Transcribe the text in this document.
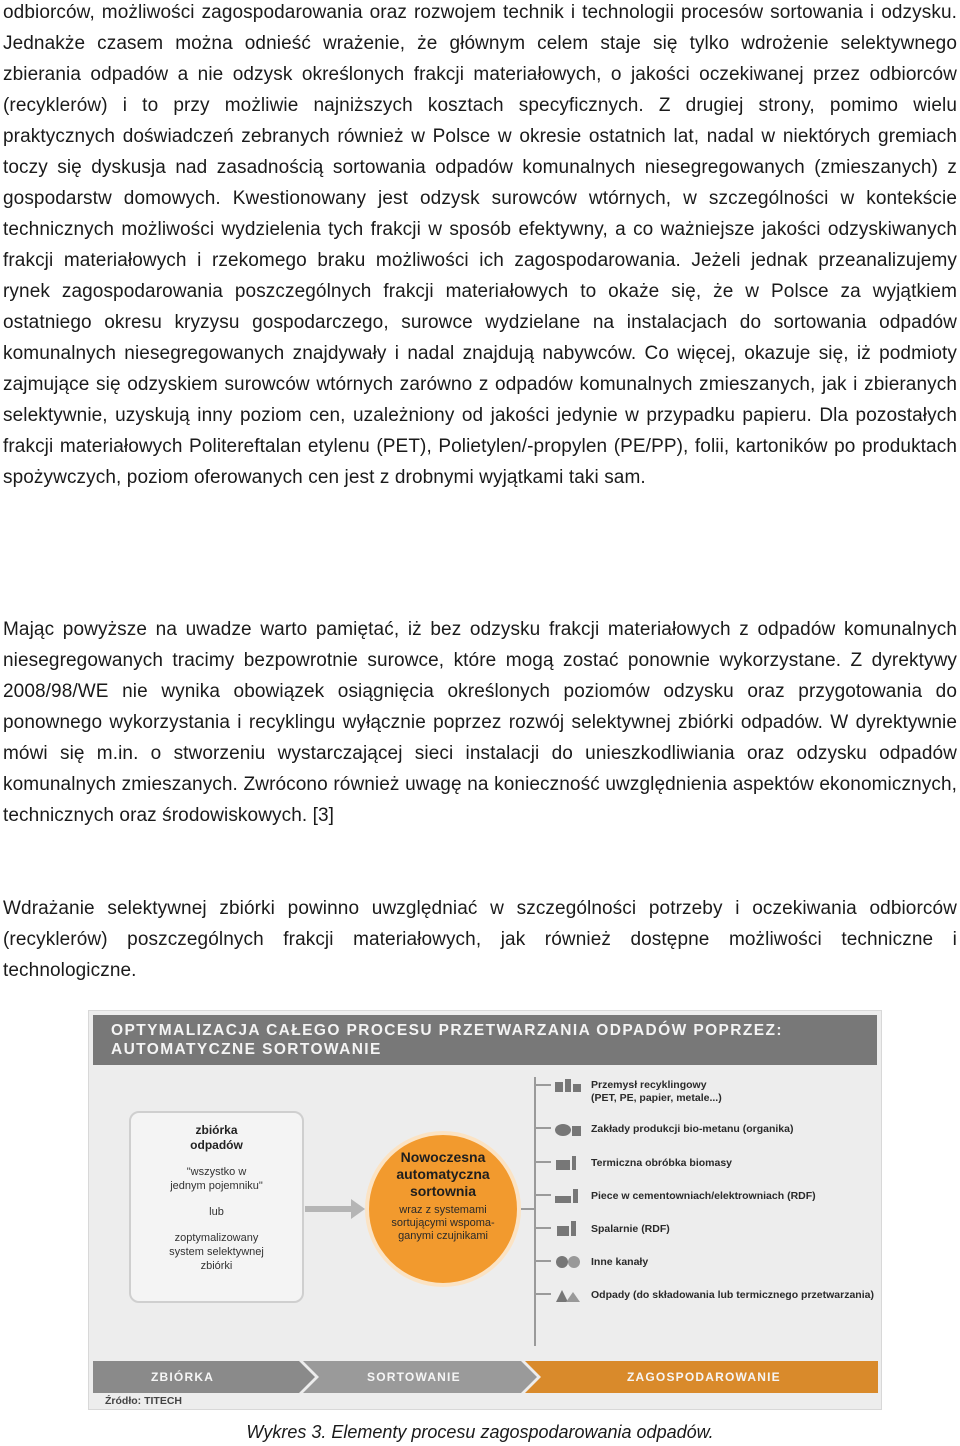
odbiorców, możliwości zagospodarowania oraz rozwojem technik i technologii procesów sortowania i odzysku. Jednakże czasem można odnieść wrażenie, że głównym celem staje się tylko wdrożenie selektywnego zbierania odpadów a nie odzysk określonych frakcji materiałowych, o jakości oczekiwanej przez odbiorców (recyklerów) i to przy możliwie najniższych kosztach specyficznych. Z drugiej strony, pomimo wielu praktycznych doświadczeń zebranych również w Polsce w okresie ostatnich lat, nadal w niektórych gremiach toczy się dyskusja nad zasadnością sortowania odpadów komunalnych niesegregowanych (zmieszanych) z gospodarstw domowych. Kwestionowany jest odzysk surowców wtórnych, w szczególności w kontekście technicznych możliwości wydzielenia tych frakcji w sposób efektywny, a co ważniejsze jakości odzyskiwanych frakcji materiałowych i rzekomego braku możliwości ich zagospodarowania. Jeżeli jednak przeanalizujemy rynek zagospodarowania poszczególnych frakcji materiałowych to okaże się, że w Polsce za wyjątkiem ostatniego okresu kryzysu gospodarczego, surowce wydzielane na instalacjach do sortowania odpadów komunalnych niesegregowanych znajdywały i nadal znajdują nabywców. Co więcej, okazuje się, iż podmioty zajmujące się odzyskiem surowców wtórnych zarówno z odpadów komunalnych zmieszanych, jak i zbieranych selektywnie, uzyskują inny poziom cen, uzależniony od jakości jedynie w przypadku papieru. Dla pozostałych frakcji materiałowych Politereftalan etylenu (PET), Polietylen/-propylen (PE/PP), folii, kartoników po produktach spożywczych, poziom oferowanych cen jest z drobnymi wyjątkami taki sam.

Mając powyższe na uwadze warto pamiętać, iż bez odzysku frakcji materiałowych z odpadów komunalnych niesegregowanych tracimy bezpowrotnie surowce, które mogą zostać ponownie wykorzystane. Z dyrektywy 2008/98/WE nie wynika obowiązek osiągnięcia określonych poziomów odzysku oraz przygotowania do ponownego wykorzystania i recyklingu wyłącznie poprzez rozwój selektywnej zbiórki odpadów. W dyrektywnie mówi się m.in. o stworzeniu wystarczającej sieci instalacji do unieszkodliwiania oraz odzysku odpadów komunalnych zmieszanych. Zwrócono również uwagę na konieczność uwzględnienia aspektów ekonomicznych, technicznych oraz środowiskowych. [3]

Wdrażanie selektywnej zbiórki powinno uwzględniać w szczególności potrzeby i oczekiwania odbiorców (recyklerów) poszczególnych frakcji materiałowych, jak również dostępne możliwości techniczne i technologiczne.

OPTYMALIZACJA CAŁEGO PROCESU PRZETWARZANIA ODPADÓW POPRZEZ:
AUTOMATYCZNE SORTOWANIE
zbiórka
odpadów
"wszystko w
jednym pojemniku"
lub
zoptymalizowany
system selektywnej
zbiórki
Nowoczesna
automatyczna
sortownia
wraz z systemami
sortującymi wspoma-
ganymi czujnikami
Przemysł recyklingowy
(PET, PE, papier, metale...)
Zakłady produkcji bio-metanu (organika)
Termiczna obróbka biomasy
Piece w cementowniach/elektrowniach (RDF)
Spalarnie (RDF)
Inne kanały
Odpady (do składowania lub termicznego przetwarzania)
ZBIÓRKA	SORTOWANIE	ZAGOSPODAROWANIE
Źródło: TITECH
Wykres 3. Elementy procesu zagospodarowania odpadów.
